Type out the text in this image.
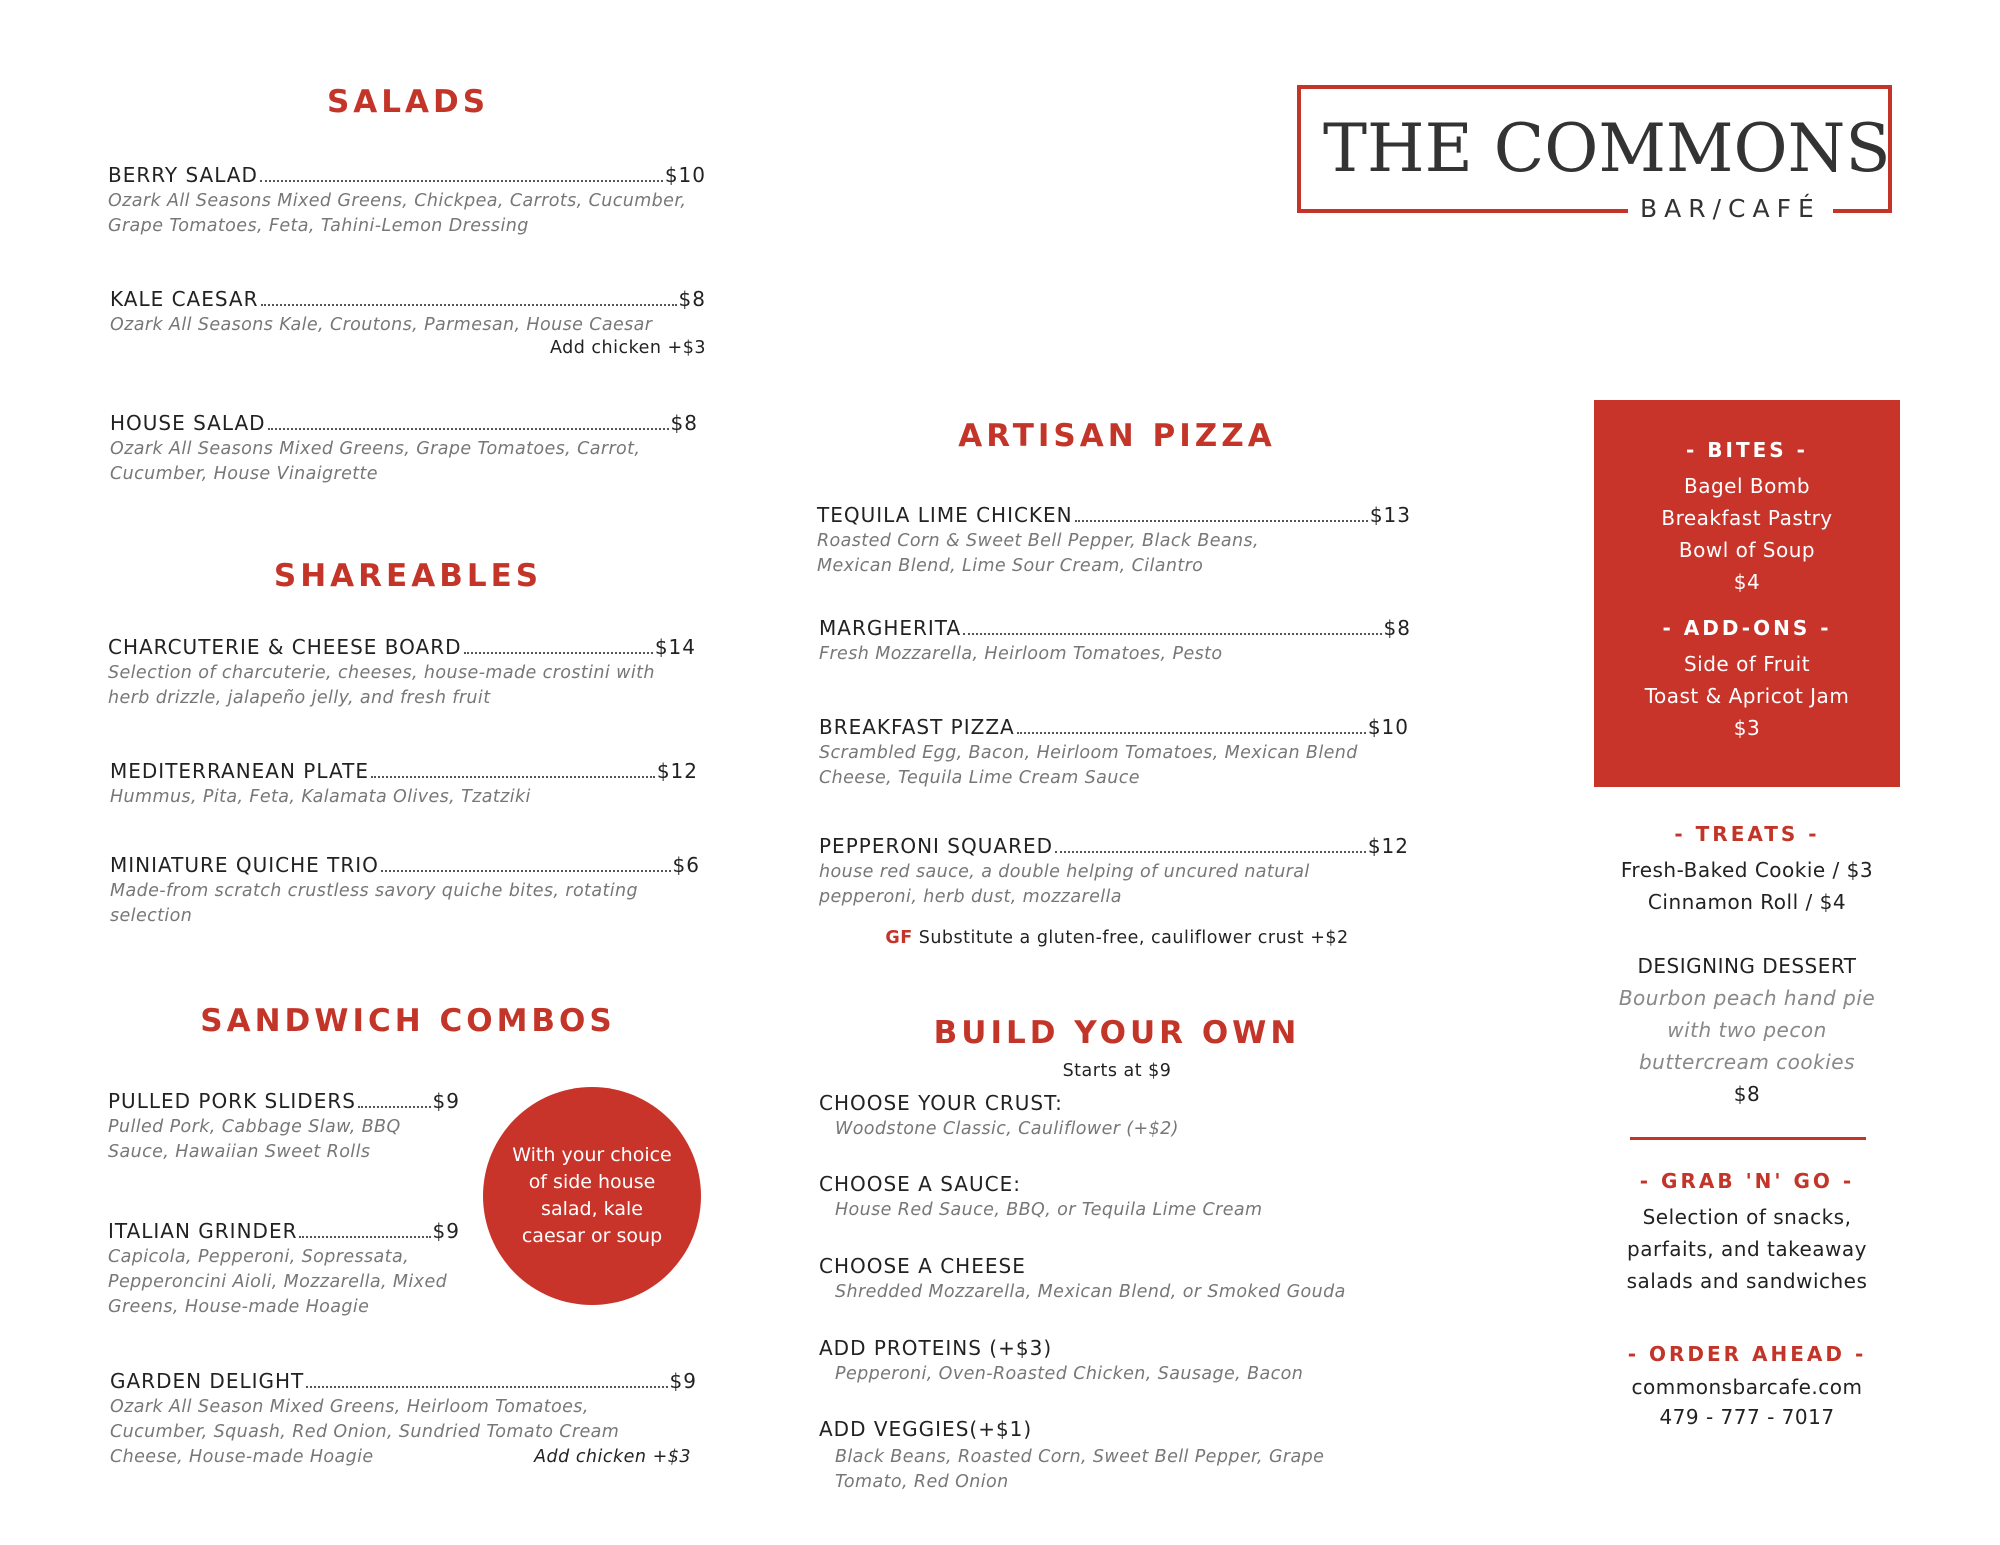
THE COMMONS
BAR/CAFÉ
SALADS
BERRY SALAD	$10
Ozark All Seasons Mixed Greens, Chickpea, Carrots, Cucumber,
Grape Tomatoes, Feta, Tahini-Lemon Dressing
KALE CAESAR	$8
Ozark All Seasons Kale, Croutons, Parmesan, House Caesar
Add chicken +$3
HOUSE SALAD	$8
Ozark All Seasons Mixed Greens, Grape Tomatoes, Carrot,
Cucumber, House Vinaigrette
SHAREABLES
CHARCUTERIE & CHEESE BOARD	$14
Selection of charcuterie, cheeses, house-made crostini with
herb drizzle, jalapeño jelly, and fresh fruit
MEDITERRANEAN PLATE	$12
Hummus, Pita, Feta, Kalamata Olives, Tzatziki
MINIATURE QUICHE TRIO	$6
Made-from scratch crustless savory quiche bites, rotating
selection
SANDWICH COMBOS
PULLED PORK SLIDERS	$9
Pulled Pork, Cabbage Slaw, BBQ
Sauce, Hawaiian Sweet Rolls
ITALIAN GRINDER	$9
Capicola, Pepperoni, Sopressata,
Pepperoncini Aioli, Mozzarella, Mixed
Greens, House-made Hoagie
GARDEN DELIGHT	$9
Ozark All Season Mixed Greens, Heirloom Tomatoes,
Cucumber, Squash, Red Onion, Sundried Tomato Cream
Cheese, House-made Hoagie	Add chicken +$3
With your choice of side house salad, kale caesar or soup
ARTISAN PIZZA
TEQUILA LIME CHICKEN	$13
Roasted Corn & Sweet Bell Pepper, Black Beans,
Mexican Blend, Lime Sour Cream, Cilantro
MARGHERITA	$8
Fresh Mozzarella, Heirloom Tomatoes, Pesto
BREAKFAST PIZZA	$10
Scrambled Egg, Bacon, Heirloom Tomatoes, Mexican Blend
Cheese, Tequila Lime Cream Sauce
PEPPERONI SQUARED	$12
house red sauce, a double helping of uncured natural
pepperoni, herb dust, mozzarella
GF Substitute a gluten-free, cauliflower crust +$2
BUILD YOUR OWN
Starts at $9
CHOOSE YOUR CRUST:
Woodstone Classic, Cauliflower (+$2)
CHOOSE A SAUCE:
House Red Sauce, BBQ, or Tequila Lime Cream
CHOOSE A CHEESE
Shredded Mozzarella, Mexican Blend, or Smoked Gouda
ADD PROTEINS (+$3)
Pepperoni, Oven-Roasted Chicken, Sausage, Bacon
ADD VEGGIES(+$1)
Black Beans, Roasted Corn, Sweet Bell Pepper, Grape
Tomato, Red Onion
- BITES -
Bagel Bomb
Breakfast Pastry
Bowl of Soup
$4
- ADD-ONS -
Side of Fruit
Toast & Apricot Jam
$3
- TREATS -
Fresh-Baked Cookie / $3
Cinnamon Roll / $4
DESIGNING DESSERT
Bourbon peach hand pie
with two pecon
buttercream cookies
$8
- GRAB 'N' GO -
Selection of snacks,
parfaits, and takeaway
salads and sandwiches
- ORDER AHEAD -
commonsbarcafe.com
479 - 777 - 7017
